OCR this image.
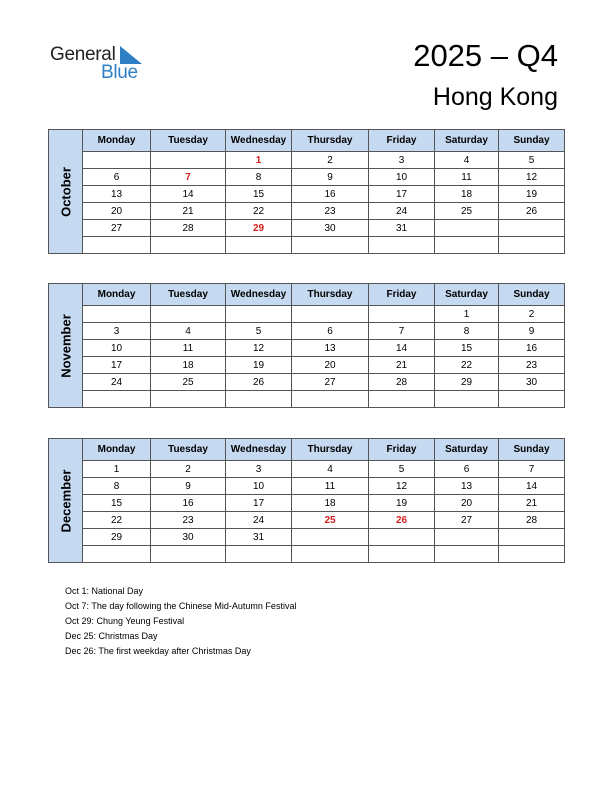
General
Blue	2025 – Q4
Hong Kong
October	Monday	Tuesday	Wednesday	Thursday	Friday	Saturday	Sunday
			1	2	3	4	5
	6	7	8	9	10	11	12
	13	14	15	16	17	18	19
	20	21	22	23	24	25	26
	27	28	29	30	31		

November	Monday	Tuesday	Wednesday	Thursday	Friday	Saturday	Sunday
						1	2
	3	4	5	6	7	8	9
	10	11	12	13	14	15	16
	17	18	19	20	21	22	23
	24	25	26	27	28	29	30

December	Monday	Tuesday	Wednesday	Thursday	Friday	Saturday	Sunday
	1	2	3	4	5	6	7
	8	9	10	11	12	13	14
	15	16	17	18	19	20	21
	22	23	24	25	26	27	28
	29	30	31				

Oct 1: National Day
Oct 7: The day following the Chinese Mid-Autumn Festival
Oct 29: Chung Yeung Festival
Dec 25: Christmas Day
Dec 26: The first weekday after Christmas Day
